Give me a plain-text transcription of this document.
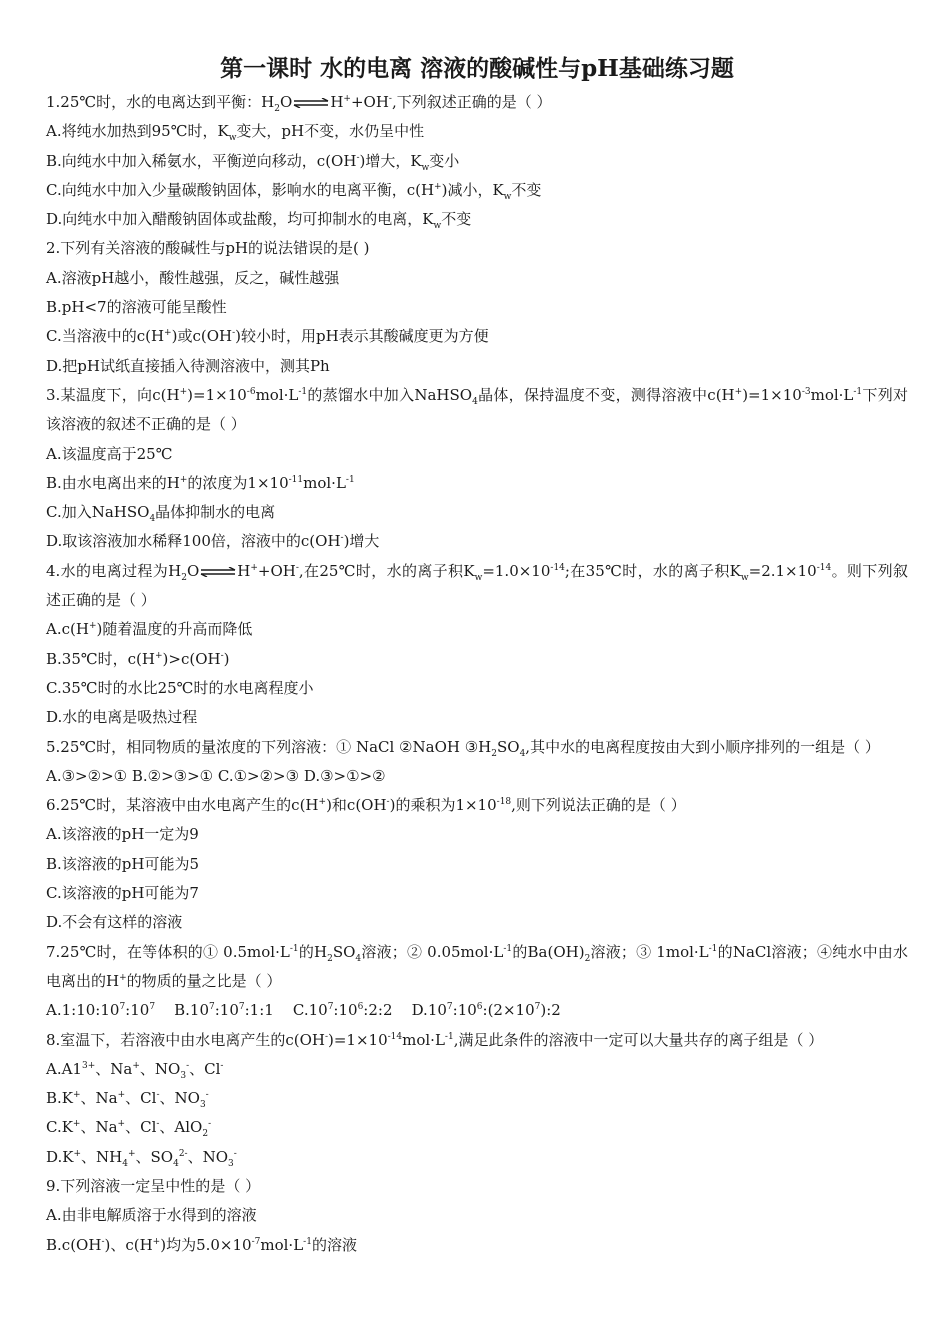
第一课时 水的电离 溶液的酸碱性与pH基础练习题
1.25℃时，水的电离达到平衡：$H_2O\rightleftharpoons H^++OH^-$,下列叙述正确的是（ ）
A.将纯水加热到95℃时，$K_w$变大，pH不变，水仍呈中性
B.向纯水中加入稀氨水，平衡逆向移动，c(OH-)增大，$K_w$变小
C.向纯水中加入少量碳酸钠固体，影响水的电离平衡，c(H+)减小，$K_w$不变
D.向纯水中加入醋酸钠固体或盐酸，均可抑制水的电离，$K_w$不变
2.下列有关溶液的酸碱性与pH的说法错误的是( )
A.溶液pH越小，酸性越强，反之，碱性越强
B.pH<7的溶液可能呈酸性
C.当溶液中的c(H+)或c(OH-)较小时，用pH表示其酸碱度更为方便
D.把pH试纸直接插入待测溶液中，测其Ph
3.某温度下，向$c(H^+)=1\times 10^{-6}mol\cdot L^{-1}$的蒸馏水中加入NaHSO$_4$晶体，保持温度不变，测得溶液中$c(H^+)=1\times 10^{-3}mol\cdot L^{-1}$下列对该溶液的叙述不正确的是（ ）
A.该温度高于25℃
B.由水电离出来的H+的浓度为$1\times 10^{-11}mol\cdot L^{-1}$
C.加入NaHSO$_4$晶体抑制水的电离
D.取该溶液加水稀释100倍，溶液中的c(OH-)增大
4.水的电离过程为$H_2O\rightleftharpoons H^++OH^-$,在25℃时，水的离子积$K_w=1.0\times 10^{-14}$;在35℃时，水的离子积$K_w=2.1\times 10^{-14}$。则下列叙述正确的是（ ）
A.c(H+)随着温度的升高而降低
B.35℃时，c(H+)>c(OH-)
C.35℃时的水比25℃时的水电离程度小
D.水的电离是吸热过程
5.25℃时，相同物质的量浓度的下列溶液：① NaCl ②NaOH $③H_2SO_4$,其中水的电离程度按由大到小顺序排列的一组是（ ）
A.③>②>① B.②>③>① C.①>②>③ D.③>①>②
6.25℃时，某溶液中由水电离产生的c(H+)和c(OH-)的乘积为$1\times 10^{-18}$,则下列说法正确的是（ ）
A.该溶液的pH一定为9
B.该溶液的pH可能为5
C.该溶液的pH可能为7
D.不会有这样的溶液
7.25℃时，在等体积的① $0.5mol\cdot L^{-1}$的$H_2SO_4$溶液；② $0.05mol\cdot L^{-1}$的$Ba(OH)_2$溶液；③ $1mol\cdot L^{-1}$的NaCl溶液；④纯水中由水电离出的H+的物质的量之比是（ ）
$A.1:10:10^7:10^7$    $B.10^7:10^7:1:1$    $C.10^7:10^6:2:2$    $D.10^7:10^6:(2\times 10^7):2$
8.室温下，若溶液中由水电离产生的$c(OH^-)=1\times 10^{-14}mol\cdot L^{-1}$,满足此条件的溶液中一定可以大量共存的离子组是（ ）
$A.A1^{3+}$、Na+、$NO_3^-$、Cl-
B.K+、Na+、Cl-、$NO_3^-$
C.K+、Na+、Cl-、AlO$_2$-
D.K+、$NH_4^+$、$SO_4^{2-}$、$NO_3^-$
9.下列溶液一定呈中性的是（ ）
A.由非电解质溶于水得到的溶液
B.c(OH-)、c(H+)均为$5.0\times 10^{-7}mol\cdot L^{-1}$的溶液
